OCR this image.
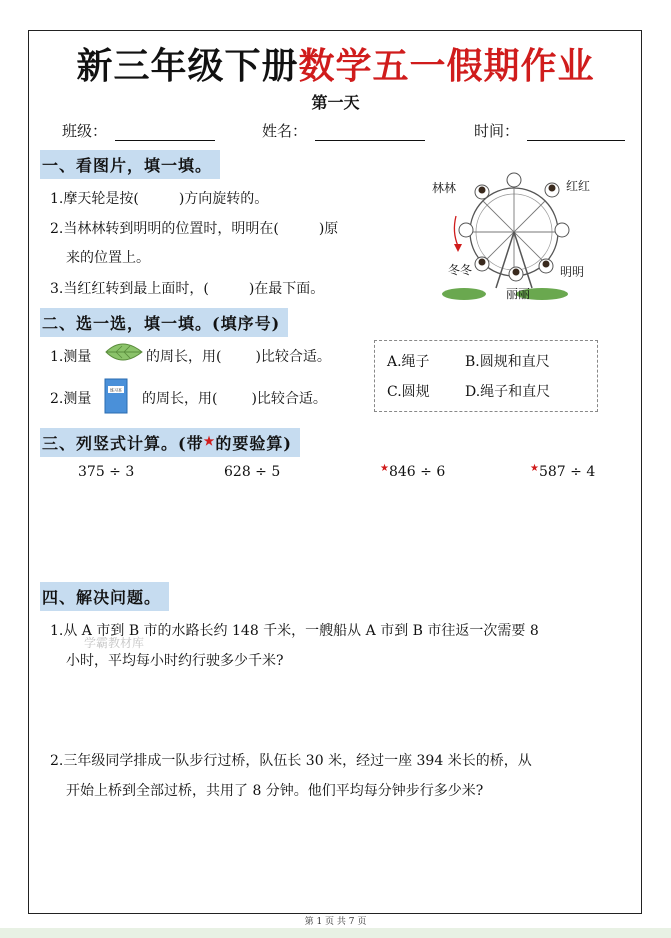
新三年级下册数学五一假期作业
第一天
班级：	姓名：	时间：
一、看图片，填一填。
1.摩天轮是按(	)方向旋转的。
2.当林林转到明明的位置时，明明在(	)原
来的位置上。
3.当红红转到最上面时，(	)在最下面。
林林	红红
冬冬	明明
丽丽
二、选一选，填一填。(填序号)
练习本
1.测量	的周长，用( )比较合适。
2.测量	的周长，用( )比较合适。
A.绳子	B.圆规和直尺
C.圆规	D.绳子和直尺
三、列竖式计算。(带★的要验算)
375 ÷ 3	628 ÷ 5	★846 ÷ 6	★587 ÷ 4
四、解决问题。
1.从 A 市到 B 市的水路长约 148 千米，一艘船从 A 市到 B 市往返一次需要 8
小时，平均每小时约行驶多少千米?
学霸教材库
2.三年级同学排成一队步行过桥，队伍长 30 米，经过一座 394 米长的桥，从
开始上桥到全部过桥，共用了 8 分钟。他们平均每分钟步行多少米?
第 1 页 共 7 页
